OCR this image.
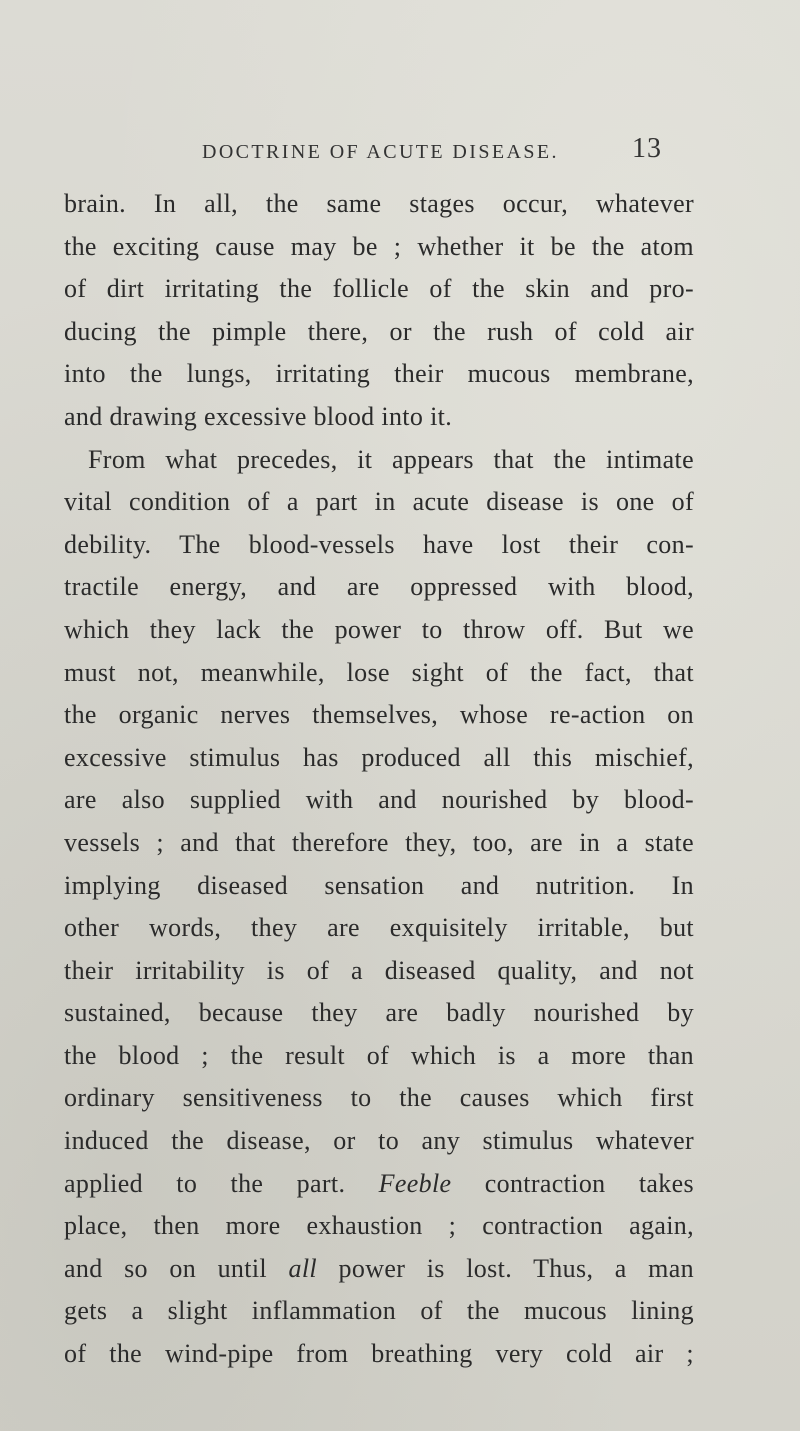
DOCTRINE OF ACUTE DISEASE.	13
brain. In all, the same stages occur, whatever
the exciting cause may be ; whether it be the atom
of dirt irritating the follicle of the skin and pro-
ducing the pimple there, or the rush of cold air
into the lungs, irritating their mucous membrane,
and drawing excessive blood into it.
From what precedes, it appears that the intimate
vital condition of a part in acute disease is one of
debility. The blood-vessels have lost their con-
tractile energy, and are oppressed with blood,
which they lack the power to throw off. But we
must not, meanwhile, lose sight of the fact, that
the organic nerves themselves, whose re-action on
excessive stimulus has produced all this mischief,
are also supplied with and nourished by blood-
vessels ; and that therefore they, too, are in a state
implying diseased sensation and nutrition. In
other words, they are exquisitely irritable, but
their irritability is of a diseased quality, and not
sustained, because they are badly nourished by
the blood ; the result of which is a more than
ordinary sensitiveness to the causes which first
induced the disease, or to any stimulus whatever
applied to the part. Feeble contraction takes
place, then more exhaustion ; contraction again,
and so on until all power is lost. Thus, a man
gets a slight inflammation of the mucous lining
of the wind-pipe from breathing very cold air ;
